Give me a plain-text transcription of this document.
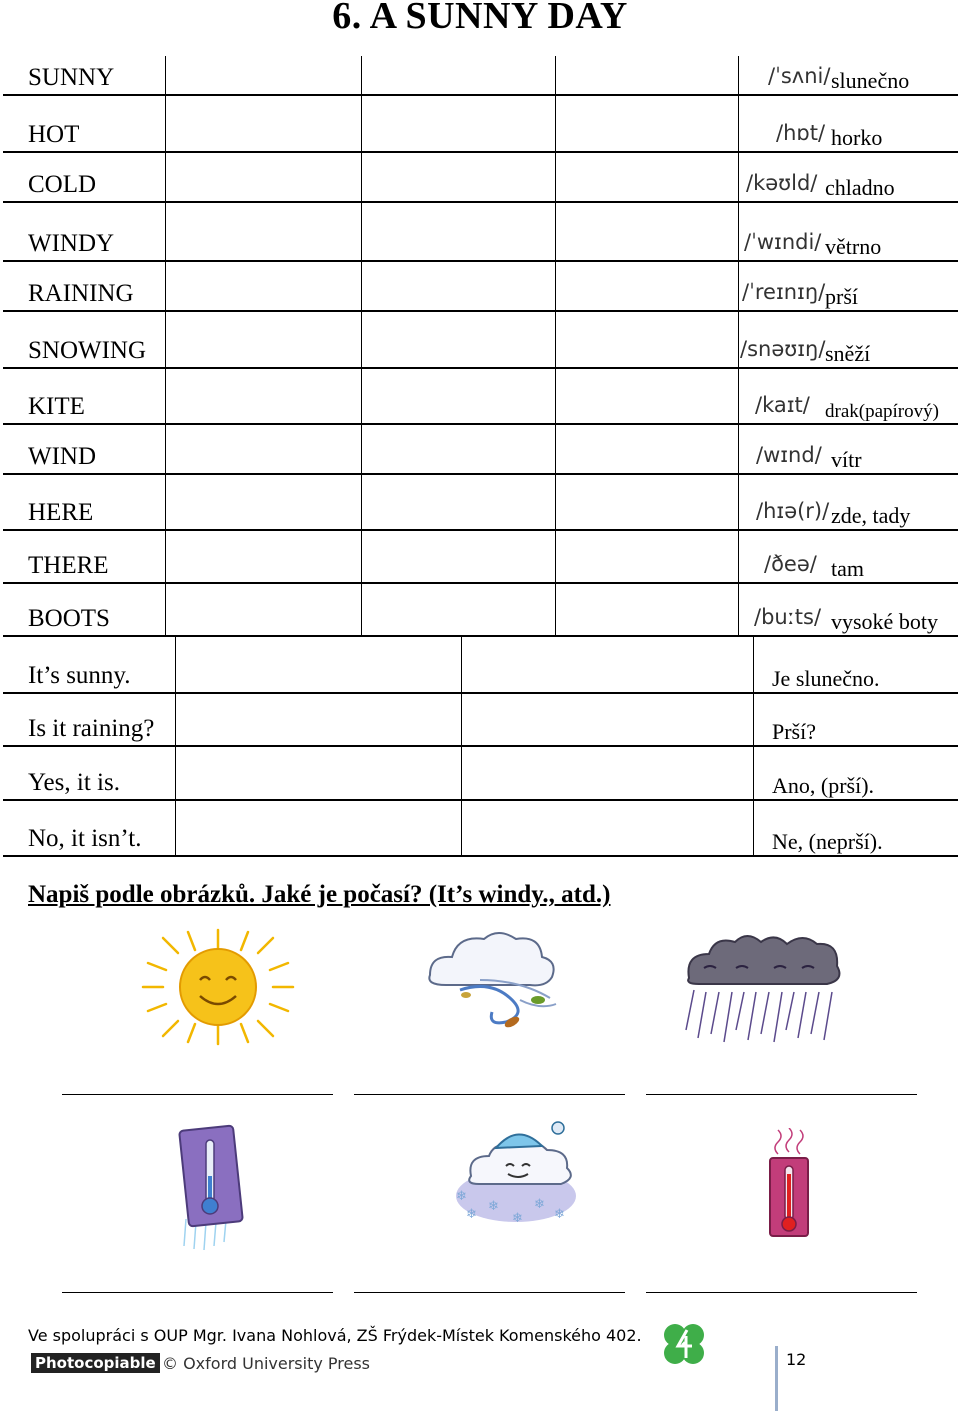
6. A SUNNY DAY
SUNNY	/ˈsʌni/ slunečno
HOT	/hɒt/ horko
COLD	/kəʊld/ chladno
WINDY	/ˈwɪndi/ větrno
RAINING	/ˈreɪnɪŋ/ prší
SNOWING	/snəʊɪŋ/ sněží
KITE	/kaɪt/ drak(papírový)
WIND	/wɪnd/ vítr
HERE	/hɪə(r)/ zde, tady
THERE	/ðeə/ tam
BOOTS	/buːts/ vysoké boty
It’s sunny.	Je slunečno.
Is it raining?	Prší?
Yes, it is.	Ano, (prší).
No, it isn’t.	Ne, (neprší).
Napiš podle obrázků. Jaké je počasí? (It’s windy., atd.)
❄
❄
❄
❄
❄
❄
Ve spolupráci s OUP Mgr. Ivana Nohlová, ZŠ Frýdek-Místek Komenského 402.
Photocopiable © Oxford University Press	12
